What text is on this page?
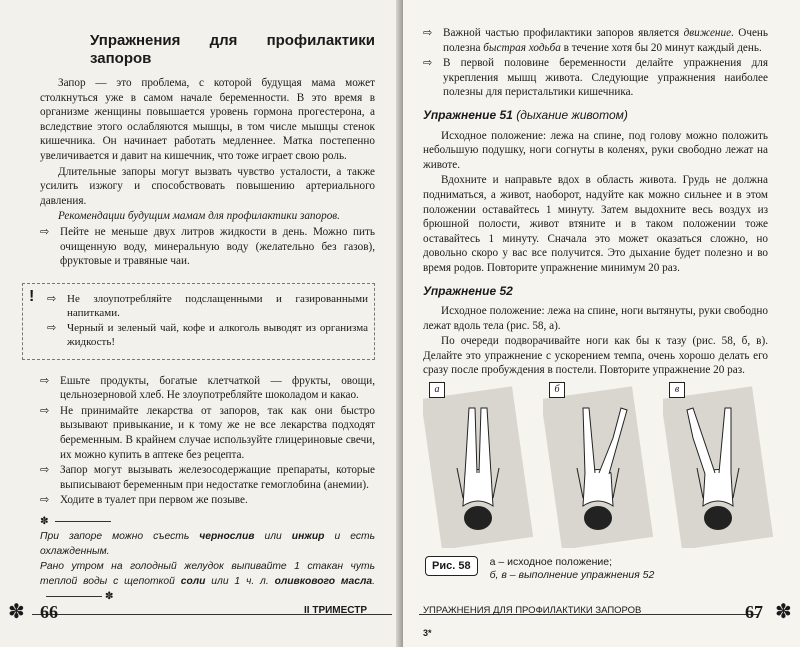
Упражнения для профилактики запоров

Запор — это проблема, с которой будущая мама может столкнуться уже в самом начале беременности. В это время в организме женщины повышается уровень гормона прогестерона, а вследствие этого ослабляются мышцы, в том числе мышцы стенок кишечника. Он начинает работать медленнее. Матка постепенно увеличивается и давит на кишечник, что тоже играет свою роль.

Длительные запоры могут вызвать чувство усталости, а также усилить изжогу и способствовать повышению артериального давления.

Рекомендации будущим мамам для профилактики запоров.

⇨ Пейте не меньше двух литров жидкости в день. Можно пить очищенную воду, минеральную воду (желательно без газов), фруктовые и травяные чаи.
! ⇨ Не злоупотребляйте подслащенными и газированными напитками.
⇨ Черный и зеленый чай, кофе и алкоголь выводят из организма жидкость!
⇨ Ешьте продукты, богатые клетчаткой — фрукты, овощи, цельнозерновой хлеб. Не злоупотребляйте шоколадом и какао.
⇨ Не принимайте лекарства от запоров, так как они быстро вызывают привыкание, и к тому же не все лекарства подходят беременным. В крайнем случае используйте глицериновые свечи, их можно купить в аптеке без рецепта.
⇨ Запор могут вызывать железосодержащие препараты, которые выписывают беременным при недостатке гемоглобина (анемии).
⇨ Ходите в туалет при первом же позыве.
✽
При запоре можно съесть чернослив или инжир и есть охлажденным.
Рано утром на голодный желудок выпивайте 1 стакан чуть теплой воды с щепоткой соли или 1 ч. л. оливкового масла.  ✽
✽ 66	II ТРИМЕСТР
⇨ Важной частью профилактики запоров является движение. Очень полезна быстрая ходьба в течение хотя бы 20 минут каждый день.
⇨ В первой половине беременности делайте упражнения для укрепления мышц живота. Следующие упражнения наиболее полезны для перистальтики кишечника.
Упражнение 51 (дыхание животом)

Исходное положение: лежа на спине, под голову можно положить небольшую подушку, ноги согнуты в коленях, руки свободно лежат на животе.

Вдохните и направьте вдох в область живота. Грудь не должна подниматься, а живот, наоборот, надуйте как можно сильнее и в этом положении оставайтесь 1 минуту. Затем выдохните весь воздух из брюшной полости, живот втяните и в таком положении тоже оставайтесь 1 минуту. Сначала это может оказаться сложно, но довольно скоро у вас все получится. Это дыхание будет полезно и во время родов. Повторите упражнение минимум 20 раз.

Упражнение 52

Исходное положение: лежа на спине, ноги вытянуты, руки свободно лежат вдоль тела (рис. 58, а).

По очереди подворачивайте ноги как бы к тазу (рис. 58, б, в). Делайте это упражнение с ускорением темпа, очень хорошо делать его сразу после пробуждения в постели. Повторите упражнение 20 раз.

а	б	в
Рис. 58	а – исходное положение;
б, в – выполнение упражнения 52
УПРАЖНЕНИЯ ДЛЯ ПРОФИЛАКТИКИ ЗАПОРОВ	67 ✽
3*
